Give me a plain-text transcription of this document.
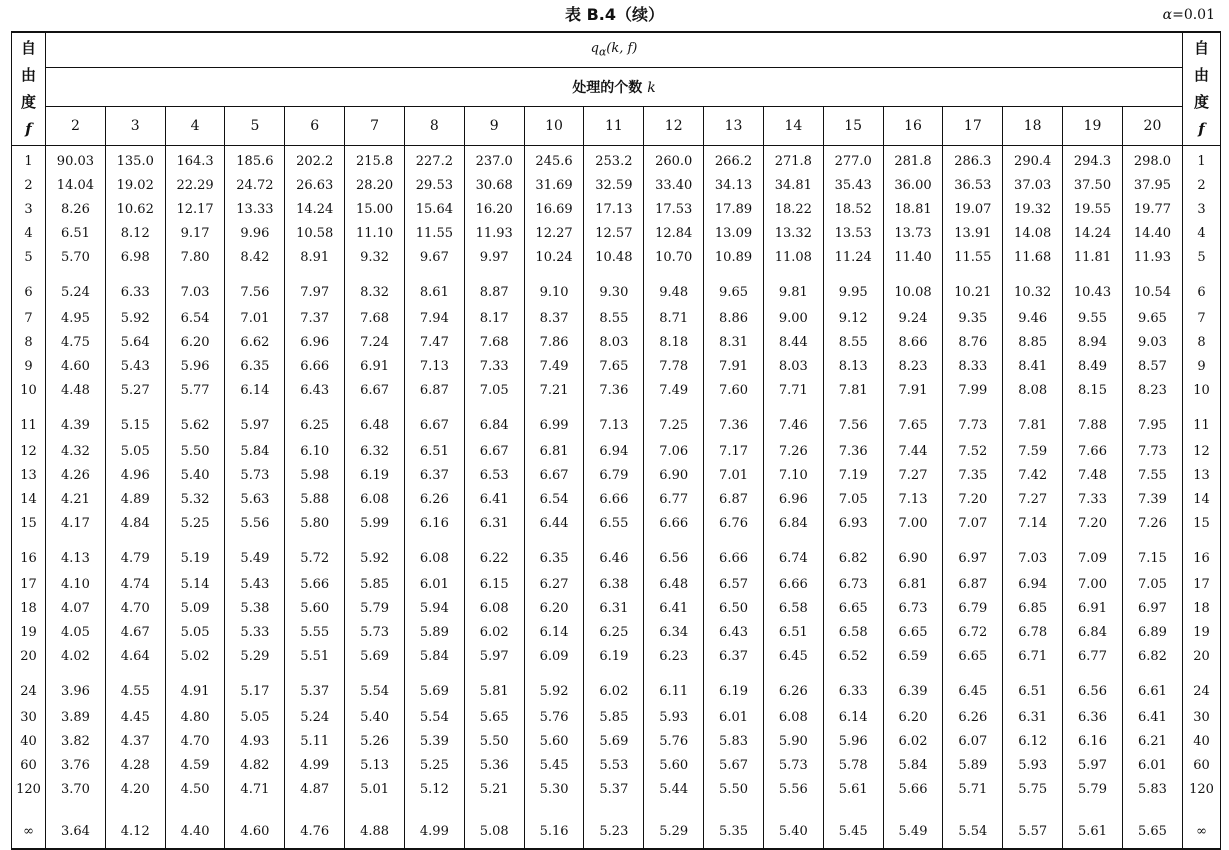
表 B.4（续）	α=0.01
自
由
度
f	$q_\alpha(k$, f)																			自
由
度
f

	处理的个数 k																			
	2	3	4	5	6	7	8	9	10	11	12	13	14	15	16	17	18	19	20	
1	90.03	135.0	164.3	185.6	202.2	215.8	227.2	237.0	245.6	253.2	260.0	266.2	271.8	277.0	281.8	286.3	290.4	294.3	298.0	1
2	14.04	19.02	22.29	24.72	26.63	28.20	29.53	30.68	31.69	32.59	33.40	34.13	34.81	35.43	36.00	36.53	37.03	37.50	37.95	2
3	8.26	10.62	12.17	13.33	14.24	15.00	15.64	16.20	16.69	17.13	17.53	17.89	18.22	18.52	18.81	19.07	19.32	19.55	19.77	3
4	6.51	8.12	9.17	9.96	10.58	11.10	11.55	11.93	12.27	12.57	12.84	13.09	13.32	13.53	13.73	13.91	14.08	14.24	14.40	4
5	5.70	6.98	7.80	8.42	8.91	9.32	9.67	9.97	10.24	10.48	10.70	10.89	11.08	11.24	11.40	11.55	11.68	11.81	11.93	5
6	5.24	6.33	7.03	7.56	7.97	8.32	8.61	8.87	9.10	9.30	9.48	9.65	9.81	9.95	10.08	10.21	10.32	10.43	10.54	6
7	4.95	5.92	6.54	7.01	7.37	7.68	7.94	8.17	8.37	8.55	8.71	8.86	9.00	9.12	9.24	9.35	9.46	9.55	9.65	7
8	4.75	5.64	6.20	6.62	6.96	7.24	7.47	7.68	7.86	8.03	8.18	8.31	8.44	8.55	8.66	8.76	8.85	8.94	9.03	8
9	4.60	5.43	5.96	6.35	6.66	6.91	7.13	7.33	7.49	7.65	7.78	7.91	8.03	8.13	8.23	8.33	8.41	8.49	8.57	9
10	4.48	5.27	5.77	6.14	6.43	6.67	6.87	7.05	7.21	7.36	7.49	7.60	7.71	7.81	7.91	7.99	8.08	8.15	8.23	10
11	4.39	5.15	5.62	5.97	6.25	6.48	6.67	6.84	6.99	7.13	7.25	7.36	7.46	7.56	7.65	7.73	7.81	7.88	7.95	11
12	4.32	5.05	5.50	5.84	6.10	6.32	6.51	6.67	6.81	6.94	7.06	7.17	7.26	7.36	7.44	7.52	7.59	7.66	7.73	12
13	4.26	4.96	5.40	5.73	5.98	6.19	6.37	6.53	6.67	6.79	6.90	7.01	7.10	7.19	7.27	7.35	7.42	7.48	7.55	13
14	4.21	4.89	5.32	5.63	5.88	6.08	6.26	6.41	6.54	6.66	6.77	6.87	6.96	7.05	7.13	7.20	7.27	7.33	7.39	14
15	4.17	4.84	5.25	5.56	5.80	5.99	6.16	6.31	6.44	6.55	6.66	6.76	6.84	6.93	7.00	7.07	7.14	7.20	7.26	15
16	4.13	4.79	5.19	5.49	5.72	5.92	6.08	6.22	6.35	6.46	6.56	6.66	6.74	6.82	6.90	6.97	7.03	7.09	7.15	16
17	4.10	4.74	5.14	5.43	5.66	5.85	6.01	6.15	6.27	6.38	6.48	6.57	6.66	6.73	6.81	6.87	6.94	7.00	7.05	17
18	4.07	4.70	5.09	5.38	5.60	5.79	5.94	6.08	6.20	6.31	6.41	6.50	6.58	6.65	6.73	6.79	6.85	6.91	6.97	18
19	4.05	4.67	5.05	5.33	5.55	5.73	5.89	6.02	6.14	6.25	6.34	6.43	6.51	6.58	6.65	6.72	6.78	6.84	6.89	19
20	4.02	4.64	5.02	5.29	5.51	5.69	5.84	5.97	6.09	6.19	6.23	6.37	6.45	6.52	6.59	6.65	6.71	6.77	6.82	20
24	3.96	4.55	4.91	5.17	5.37	5.54	5.69	5.81	5.92	6.02	6.11	6.19	6.26	6.33	6.39	6.45	6.51	6.56	6.61	24
30	3.89	4.45	4.80	5.05	5.24	5.40	5.54	5.65	5.76	5.85	5.93	6.01	6.08	6.14	6.20	6.26	6.31	6.36	6.41	30
40	3.82	4.37	4.70	4.93	5.11	5.26	5.39	5.50	5.60	5.69	5.76	5.83	5.90	5.96	6.02	6.07	6.12	6.16	6.21	40
60	3.76	4.28	4.59	4.82	4.99	5.13	5.25	5.36	5.45	5.53	5.60	5.67	5.73	5.78	5.84	5.89	5.93	5.97	6.01	60
120	3.70	4.20	4.50	4.71	4.87	5.01	5.12	5.21	5.30	5.37	5.44	5.50	5.56	5.61	5.66	5.71	5.75	5.79	5.83	120
∞	3.64	4.12	4.40	4.60	4.76	4.88	4.99	5.08	5.16	5.23	5.29	5.35	5.40	5.45	5.49	5.54	5.57	5.61	5.65	∞
